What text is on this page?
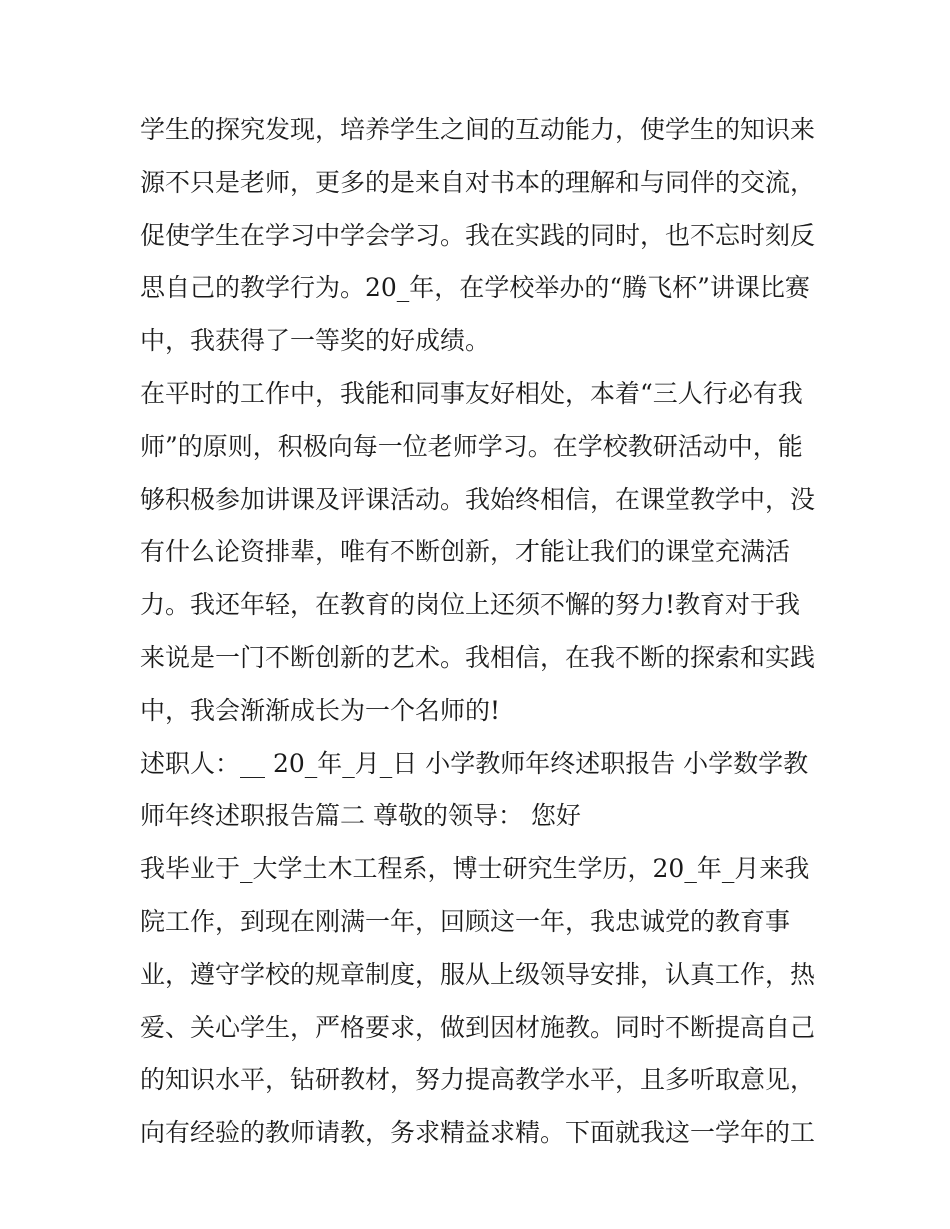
学生的探究发现，培养学生之间的互动能力，使学生的知识来
源不只是老师，更多的是来自对书本的理解和与同伴的交流，
促使学生在学习中学会学习。我在实践的同时，也不忘时刻反
思自己的教学行为。20_年，在学校举办的“腾飞杯”讲课比赛
中，我获得了一等奖的好成绩。
在平时的工作中，我能和同事友好相处，本着“三人行必有我
师”的原则，积极向每一位老师学习。在学校教研活动中，能
够积极参加讲课及评课活动。我始终相信，在课堂教学中，没
有什么论资排辈，唯有不断创新，才能让我们的课堂充满活
力。我还年轻，在教育的岗位上还须不懈的努力!教育对于我
来说是一门不断创新的艺术。我相信，在我不断的探索和实践
中，我会渐渐成长为一个名师的!
述职人：__ 20_年_月_日 小学教师年终述职报告 小学数学教
师年终述职报告篇二 尊敬的领导： 您好
我毕业于_大学土木工程系，博士研究生学历，20_年_月来我
院工作，到现在刚满一年，回顾这一年，我忠诚党的教育事
业，遵守学校的规章制度，服从上级领导安排，认真工作，热
爱、关心学生，严格要求，做到因材施教。同时不断提高自己
的知识水平，钻研教材，努力提高教学水平，且多听取意见，
向有经验的教师请教，务求精益求精。下面就我这一学年的工
